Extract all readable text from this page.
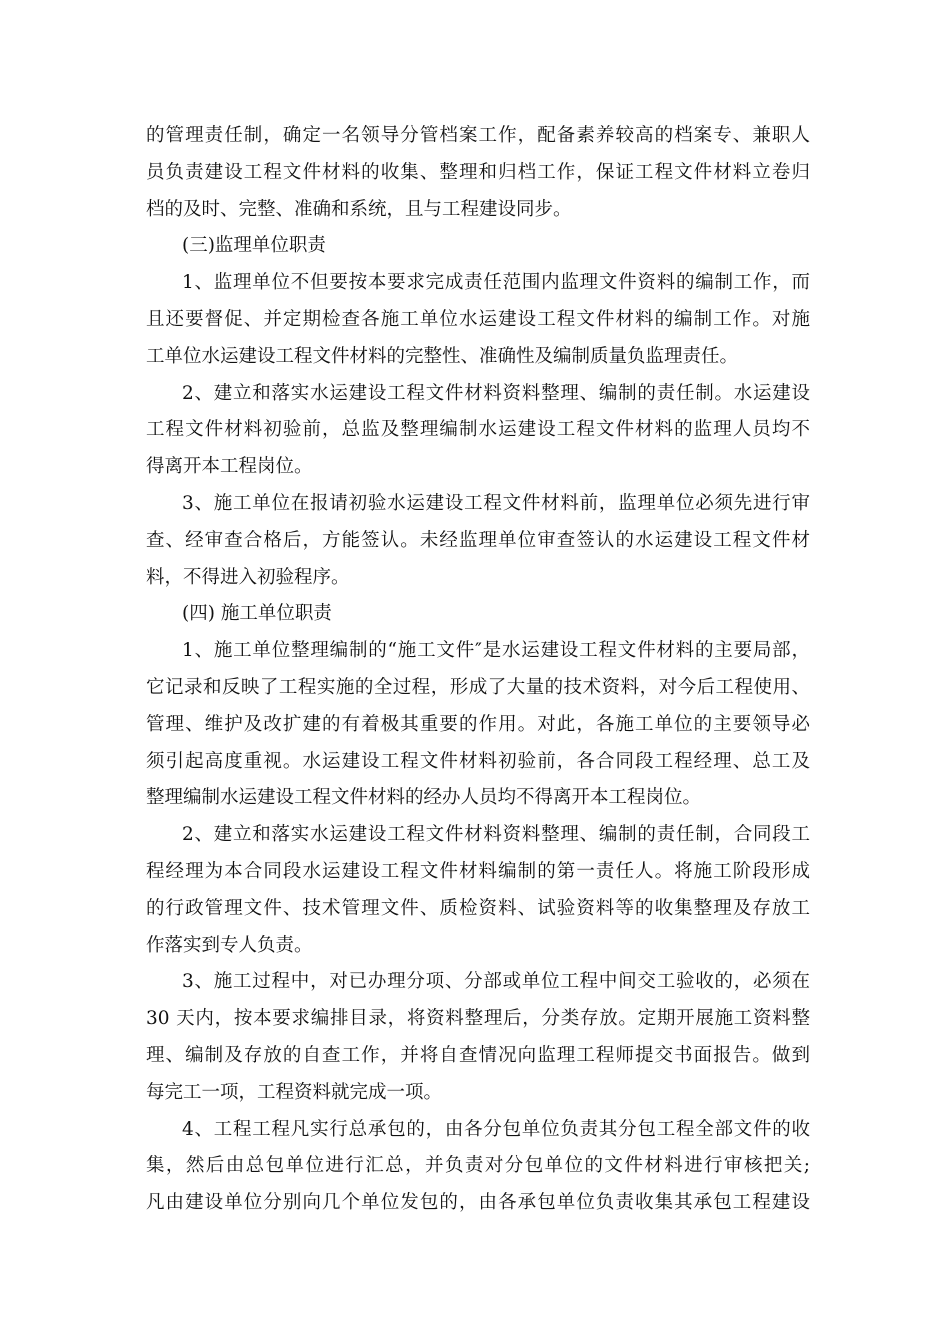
的管理责任制，确定一名领导分管档案工作，配备素养较高的档案专、兼职人
员负责建设工程文件材料的收集、整理和归档工作，保证工程文件材料立卷归
档的及时、完整、准确和系统，且与工程建设同步。
(三)监理单位职责
1、监理单位不但要按本要求完成责任范围内监理文件资料的编制工作，而
且还要督促、并定期检查各施工单位水运建设工程文件材料的编制工作。对施
工单位水运建设工程文件材料的完整性、准确性及编制质量负监理责任。
2、建立和落实水运建设工程文件材料资料整理、编制的责任制。水运建设
工程文件材料初验前，总监及整理编制水运建设工程文件材料的监理人员均不
得离开本工程岗位。
3、施工单位在报请初验水运建设工程文件材料前，监理单位必须先进行审
查、经审查合格后，方能签认。未经监理单位审查签认的水运建设工程文件材
料，不得进入初验程序。
(四) 施工单位职责
1、施工单位整理编制的“施工文件″是水运建设工程文件材料的主要局部，
它记录和反映了工程实施的全过程，形成了大量的技术资料，对今后工程使用、
管理、维护及改扩建的有着极其重要的作用。对此，各施工单位的主要领导必
须引起高度重视。水运建设工程文件材料初验前，各合同段工程经理、总工及
整理编制水运建设工程文件材料的经办人员均不得离开本工程岗位。
2、建立和落实水运建设工程文件材料资料整理、编制的责任制，合同段工
程经理为本合同段水运建设工程文件材料编制的第一责任人。将施工阶段形成
的行政管理文件、技术管理文件、质检资料、试验资料等的收集整理及存放工
作落实到专人负责。
3、施工过程中，对已办理分项、分部或单位工程中间交工验收的，必须在
30 天内，按本要求编排目录，将资料整理后，分类存放。定期开展施工资料整
理、编制及存放的自查工作，并将自查情况向监理工程师提交书面报告。做到
每完工一项，工程资料就完成一项。
4、工程工程凡实行总承包的，由各分包单位负责其分包工程全部文件的收
集，然后由总包单位进行汇总，并负责对分包单位的文件材料进行审核把关;
凡由建设单位分别向几个单位发包的，由各承包单位负责收集其承包工程建设
